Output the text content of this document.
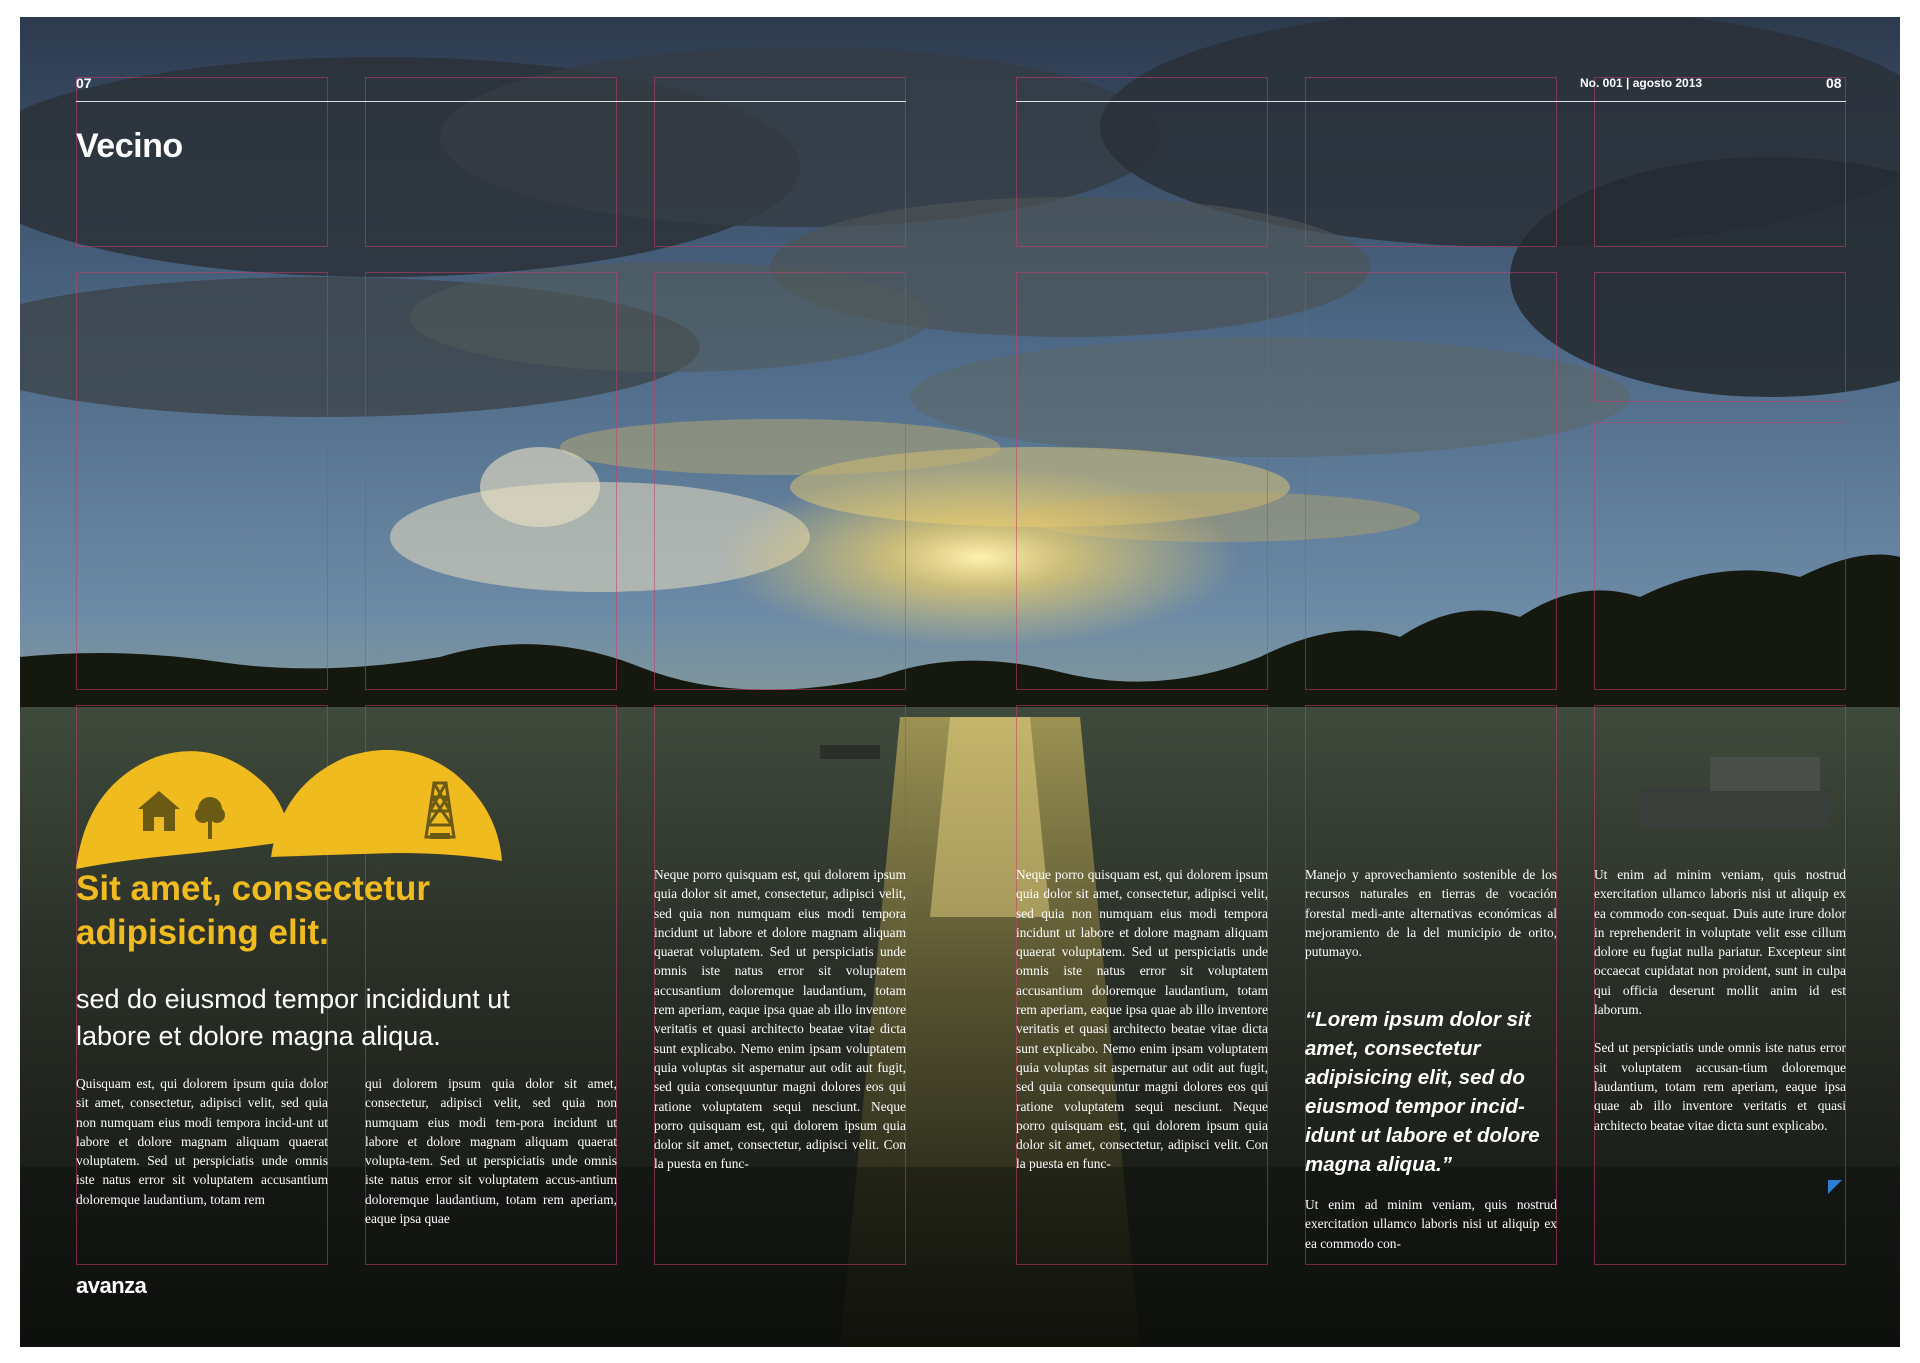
07	08
No. 001 | agosto 2013
Vecino
Sit amet, consectetur
adipisicing elit.
sed do eiusmod tempor incididunt ut
labore et dolore magna aliqua.
Quisquam est, qui dolorem ipsum quia dolor sit amet, consectetur, adipisci velit, sed quia non numquam eius modi tempora incid-unt ut labore et dolore magnam aliquam quaerat voluptatem. Sed ut perspiciatis unde omnis iste natus error sit voluptatem accusantium doloremque laudantium, totam rem
qui dolorem ipsum quia dolor sit amet, consectetur, adipisci velit, sed quia non numquam eius modi tem-pora incidunt ut labore et dolore magnam aliquam quaerat volupta-tem. Sed ut perspiciatis unde omnis iste natus error sit voluptatem accus-antium doloremque laudantium, totam rem aperiam, eaque ipsa quae
Neque porro quisquam est, qui dolorem ipsum quia dolor sit amet, consectetur, adipisci velit, sed quia non numquam eius modi tempora incidunt ut labore et dolore magnam aliquam quaerat voluptatem. Sed ut perspiciatis unde omnis iste natus error sit voluptatem accusantium doloremque laudantium, totam rem aperiam, eaque ipsa quae ab illo inventore veritatis et quasi architecto beatae vitae dicta sunt explicabo. Nemo enim ipsam voluptatem quia voluptas sit aspernatur aut odit aut fugit, sed quia consequuntur magni dolores eos qui ratione voluptatem sequi nesciunt. Neque porro quisquam est, qui dolorem ipsum quia dolor sit amet, consectetur, adipisci velit. Con la puesta en func-
Neque porro quisquam est, qui dolorem ipsum quia dolor sit amet, consectetur, adipisci velit, sed quia non numquam eius modi tempora incidunt ut labore et dolore magnam aliquam quaerat voluptatem. Sed ut perspiciatis unde omnis iste natus error sit voluptatem accusantium doloremque laudantium, totam rem aperiam, eaque ipsa quae ab illo inventore veritatis et quasi architecto beatae vitae dicta sunt explicabo. Nemo enim ipsam voluptatem quia voluptas sit aspernatur aut odit aut fugit, sed quia consequuntur magni dolores eos qui ratione voluptatem sequi nesciunt. Neque porro quisquam est, qui dolorem ipsum quia dolor sit amet, consectetur, adipisci velit. Con la puesta en func-
Manejo y aprovechamiento sostenible de los recursos naturales en tierras de vocación forestal medi-ante alternativas económicas al mejoramiento de la del municipio de orito, putumayo.
“Lorem ipsum dolor sit amet, consectetur adipisicing elit, sed do eiusmod tempor incid-idunt ut labore et dolore magna aliqua.”
Ut enim ad minim veniam, quis nostrud exercitation ullamco laboris nisi ut aliquip ex ea commodo con-

Ut enim ad minim veniam, quis nostrud exercitation ullamco laboris nisi ut aliquip ex ea commodo con-sequat. Duis aute irure dolor in reprehenderit in voluptate velit esse cillum dolore eu fugiat nulla pariatur. Excepteur sint occaecat cupidatat non proident, sunt in culpa qui officia deserunt mollit anim id est laborum.

Sed ut perspiciatis unde omnis iste natus error sit voluptatem accusan-tium doloremque laudantium, totam rem aperiam, eaque ipsa quae ab illo inventore veritatis et quasi architecto beatae vitae dicta sunt explicabo.

avanza
